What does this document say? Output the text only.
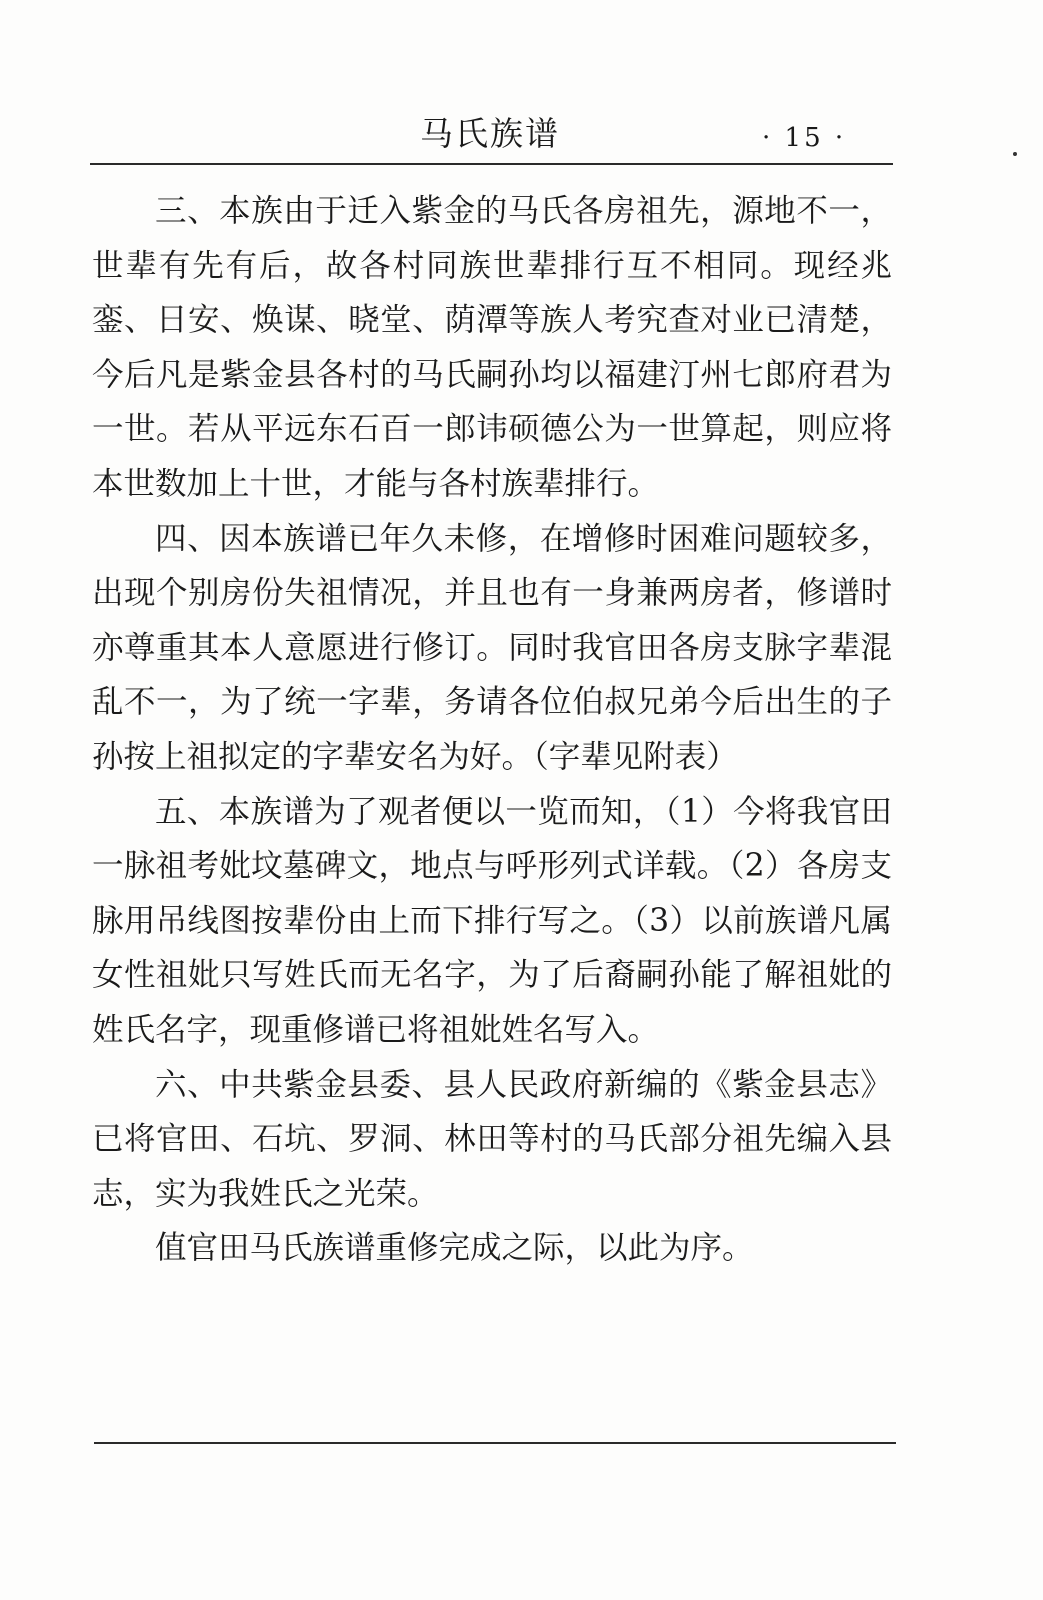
马氏族谱	· 15 ·

三、本族由于迁入紫金的马氏各房祖先，源地不一，世辈有先有后，故各村同族世辈排行互不相同。现经兆銮、日安、焕谋、晓堂、荫潭等族人考究查对业已清楚，今后凡是紫金县各村的马氏嗣孙均以福建汀州七郎府君为一世。若从平远东石百一郎讳硕德公为一世算起，则应将本世数加上十世，才能与各村族辈排行。

四、因本族谱已年久未修，在增修时困难问题较多，出现个别房份失祖情况，并且也有一身兼两房者，修谱时亦尊重其本人意愿进行修订。同时我官田各房支脉字辈混乱不一，为了统一字辈，务请各位伯叔兄弟今后出生的子孙按上祖拟定的字辈安名为好。（字辈见附表）

五、本族谱为了观者便以一览而知，（1）今将我官田一脉祖考妣坟墓碑文，地点与呼形列式详载。（2）各房支脉用吊线图按辈份由上而下排行写之。（3）以前族谱凡属女性祖妣只写姓氏而无名字，为了后裔嗣孙能了解祖妣的姓氏名字，现重修谱已将祖妣姓名写入。

六、中共紫金县委、县人民政府新编的《紫金县志》已将官田、石坑、罗洞、林田等村的马氏部分祖先编入县志，实为我姓氏之光荣。

值官田马氏族谱重修完成之际，以此为序。
